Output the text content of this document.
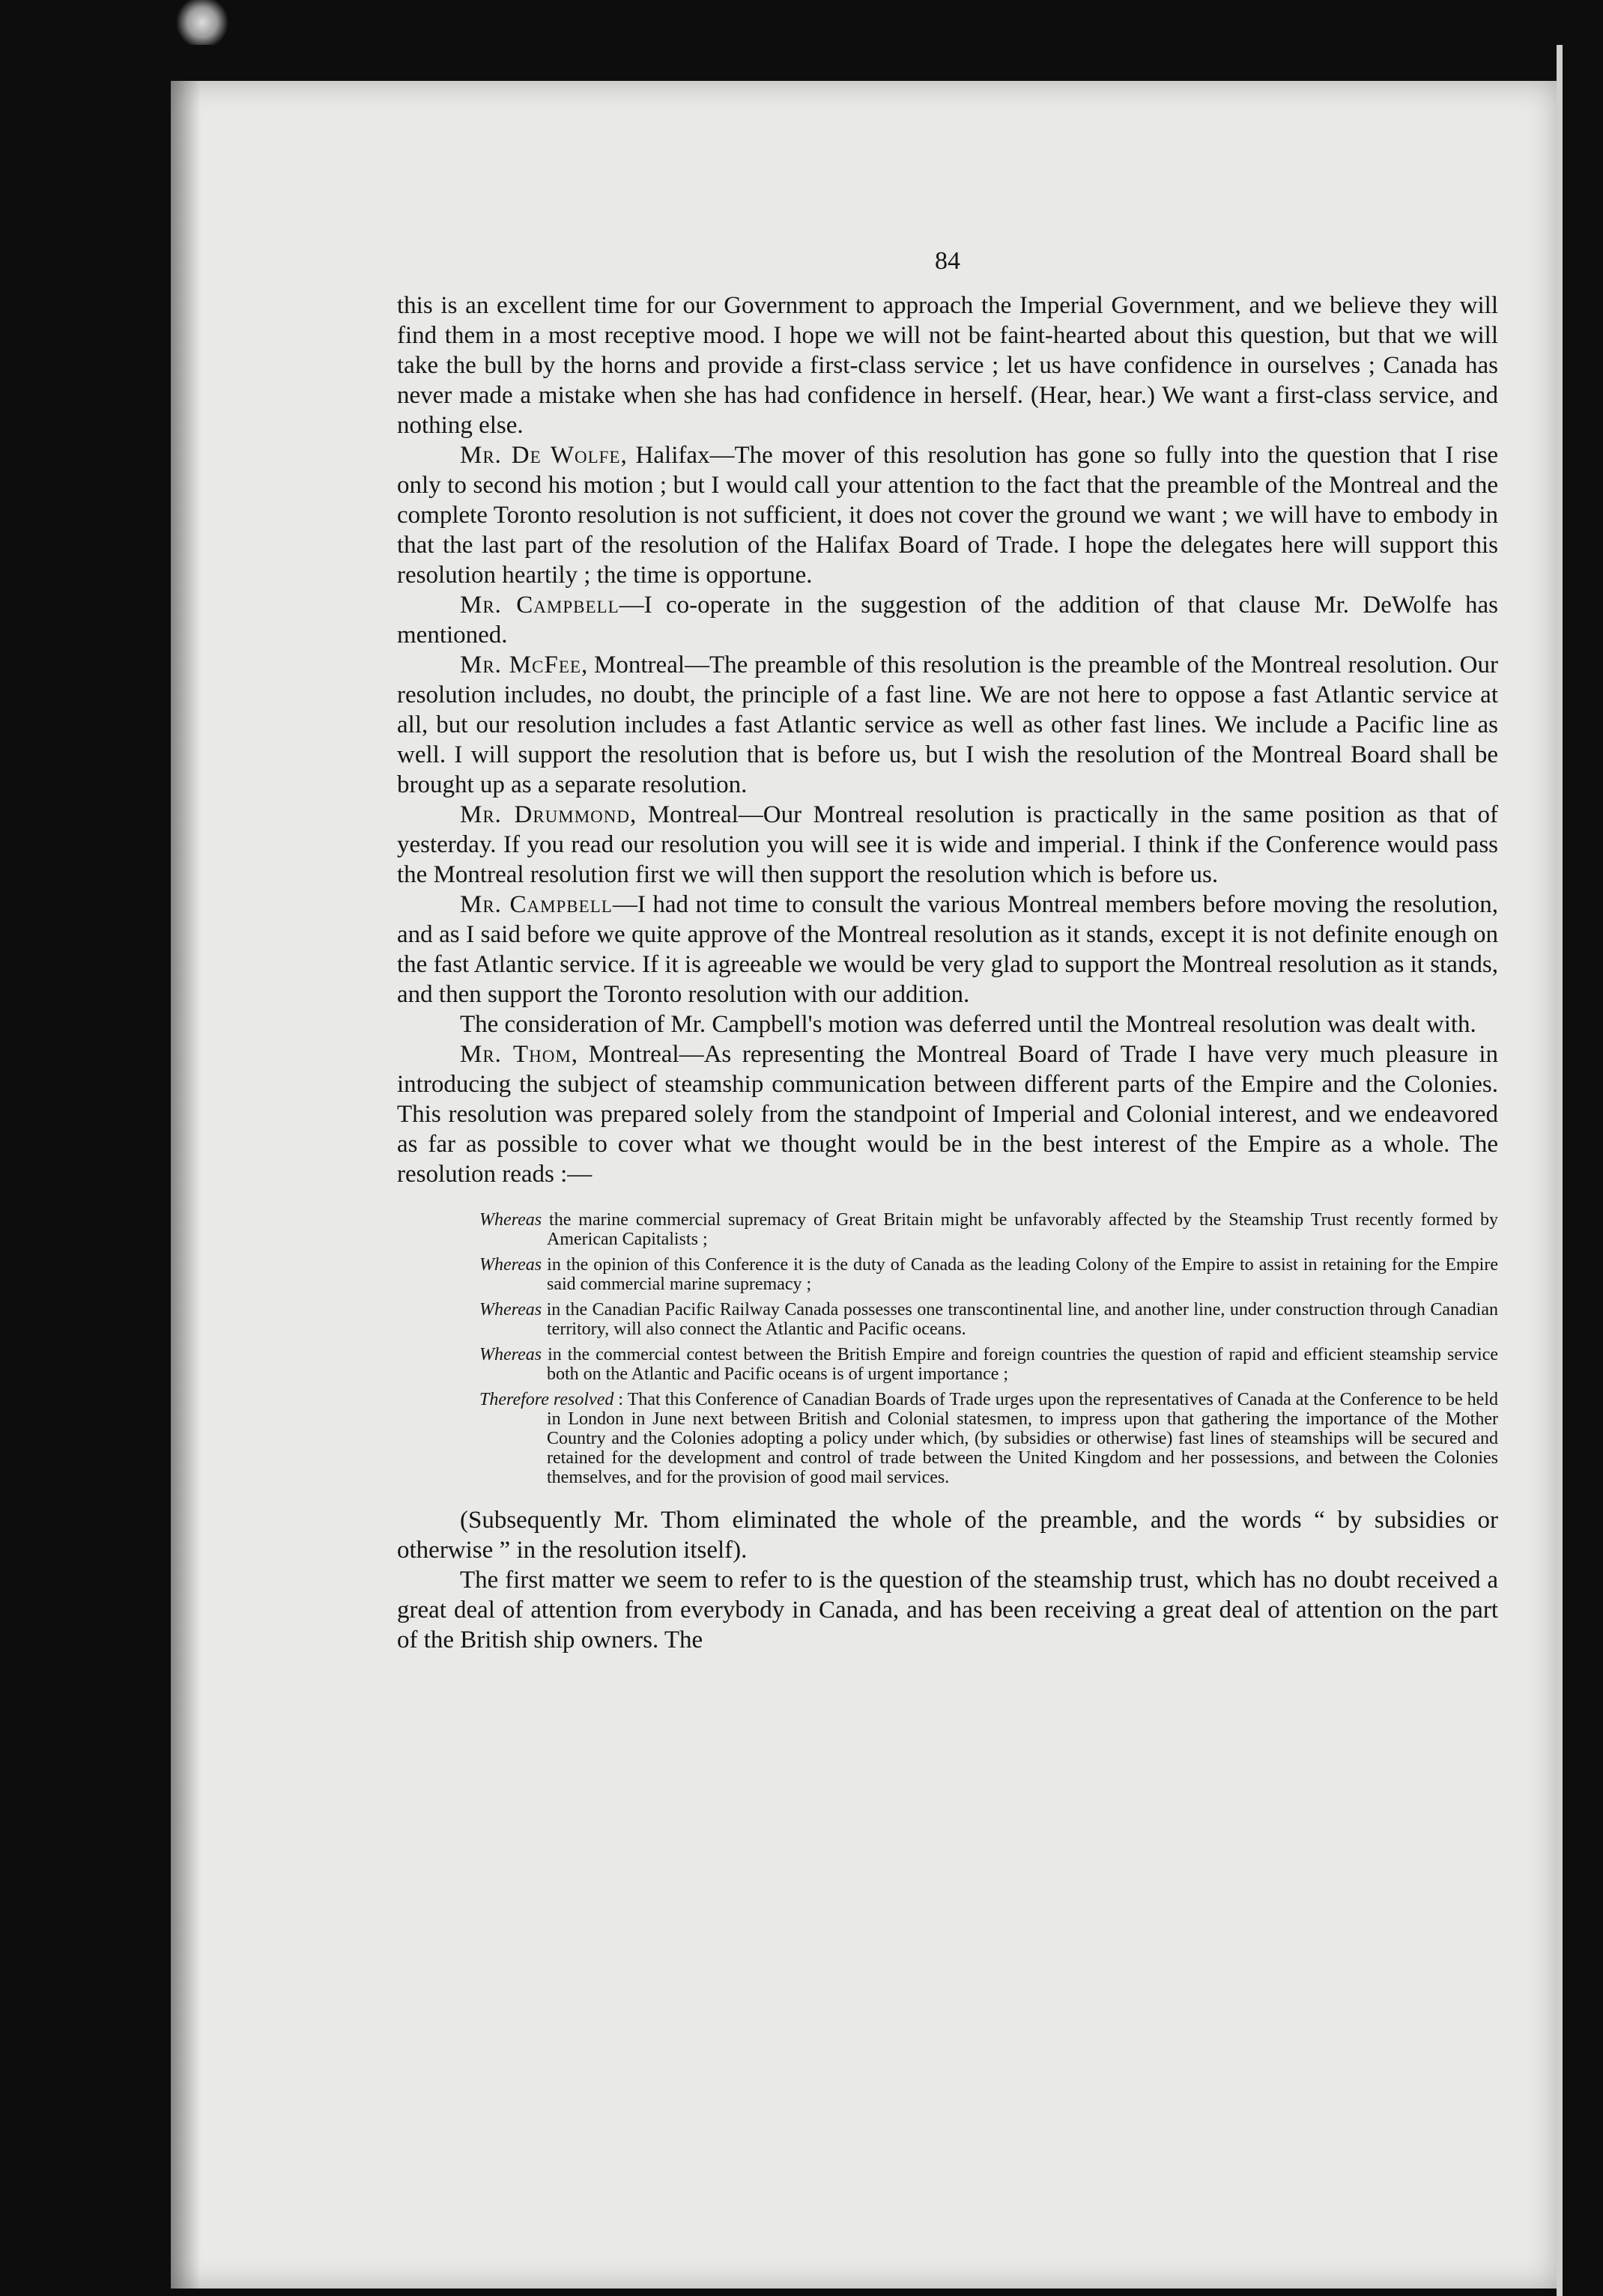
84

this is an excellent time for our Government to approach the Imperial Government, and we believe they will find them in a most receptive mood. I hope we will not be faint-hearted about this question, but that we will take the bull by the horns and provide a first-class service ; let us have confidence in ourselves ; Canada has never made a mistake when she has had confidence in herself. (Hear, hear.) We want a first-class service, and nothing else.

Mr. De Wolfe, Halifax—The mover of this resolution has gone so fully into the question that I rise only to second his motion ; but I would call your attention to the fact that the preamble of the Montreal and the complete Toronto resolution is not sufficient, it does not cover the ground we want ; we will have to embody in that the last part of the resolution of the Halifax Board of Trade. I hope the delegates here will support this resolution heartily ; the time is opportune.

Mr. Campbell—I co-operate in the suggestion of the addition of that clause Mr. DeWolfe has mentioned.

Mr. McFee, Montreal—The preamble of this resolution is the preamble of the Montreal resolution. Our resolution includes, no doubt, the principle of a fast line. We are not here to oppose a fast Atlantic service at all, but our resolution includes a fast Atlantic service as well as other fast lines. We include a Pacific line as well. I will support the resolution that is before us, but I wish the resolution of the Montreal Board shall be brought up as a separate resolution.

Mr. Drummond, Montreal—Our Montreal resolution is practically in the same position as that of yesterday. If you read our resolution you will see it is wide and imperial. I think if the Conference would pass the Montreal resolution first we will then support the resolution which is before us.

Mr. Campbell—I had not time to consult the various Montreal members before moving the resolution, and as I said before we quite approve of the Montreal resolution as it stands, except it is not definite enough on the fast Atlantic service. If it is agreeable we would be very glad to support the Montreal resolution as it stands, and then support the Toronto resolution with our addition.

The consideration of Mr. Campbell's motion was deferred until the Montreal resolution was dealt with.

Mr. Thom, Montreal—As representing the Montreal Board of Trade I have very much pleasure in introducing the subject of steamship communication between different parts of the Empire and the Colonies. This resolution was prepared solely from the standpoint of Imperial and Colonial interest, and we endeavored as far as possible to cover what we thought would be in the best interest of the Empire as a whole. The resolution reads :—

Whereas the marine commercial supremacy of Great Britain might be unfavorably affected by the Steamship Trust recently formed by American Capitalists ;

Whereas in the opinion of this Conference it is the duty of Canada as the leading Colony of the Empire to assist in retaining for the Empire said commercial marine supremacy ;

Whereas in the Canadian Pacific Railway Canada possesses one transcontinental line, and another line, under construction through Canadian territory, will also connect the Atlantic and Pacific oceans.

Whereas in the commercial contest between the British Empire and foreign countries the question of rapid and efficient steamship service both on the Atlantic and Pacific oceans is of urgent importance ;

Therefore resolved : That this Conference of Canadian Boards of Trade urges upon the representatives of Canada at the Conference to be held in London in June next between British and Colonial statesmen, to impress upon that gathering the importance of the Mother Country and the Colonies adopting a policy under which, (by subsidies or otherwise) fast lines of steamships will be secured and retained for the development and control of trade between the United Kingdom and her possessions, and between the Colonies themselves, and for the provision of good mail services.

(Subsequently Mr. Thom eliminated the whole of the preamble, and the words “ by subsidies or otherwise ” in the resolution itself).

The first matter we seem to refer to is the question of the steamship trust, which has no doubt received a great deal of attention from everybody in Canada, and has been receiving a great deal of attention on the part of the British ship owners. The
